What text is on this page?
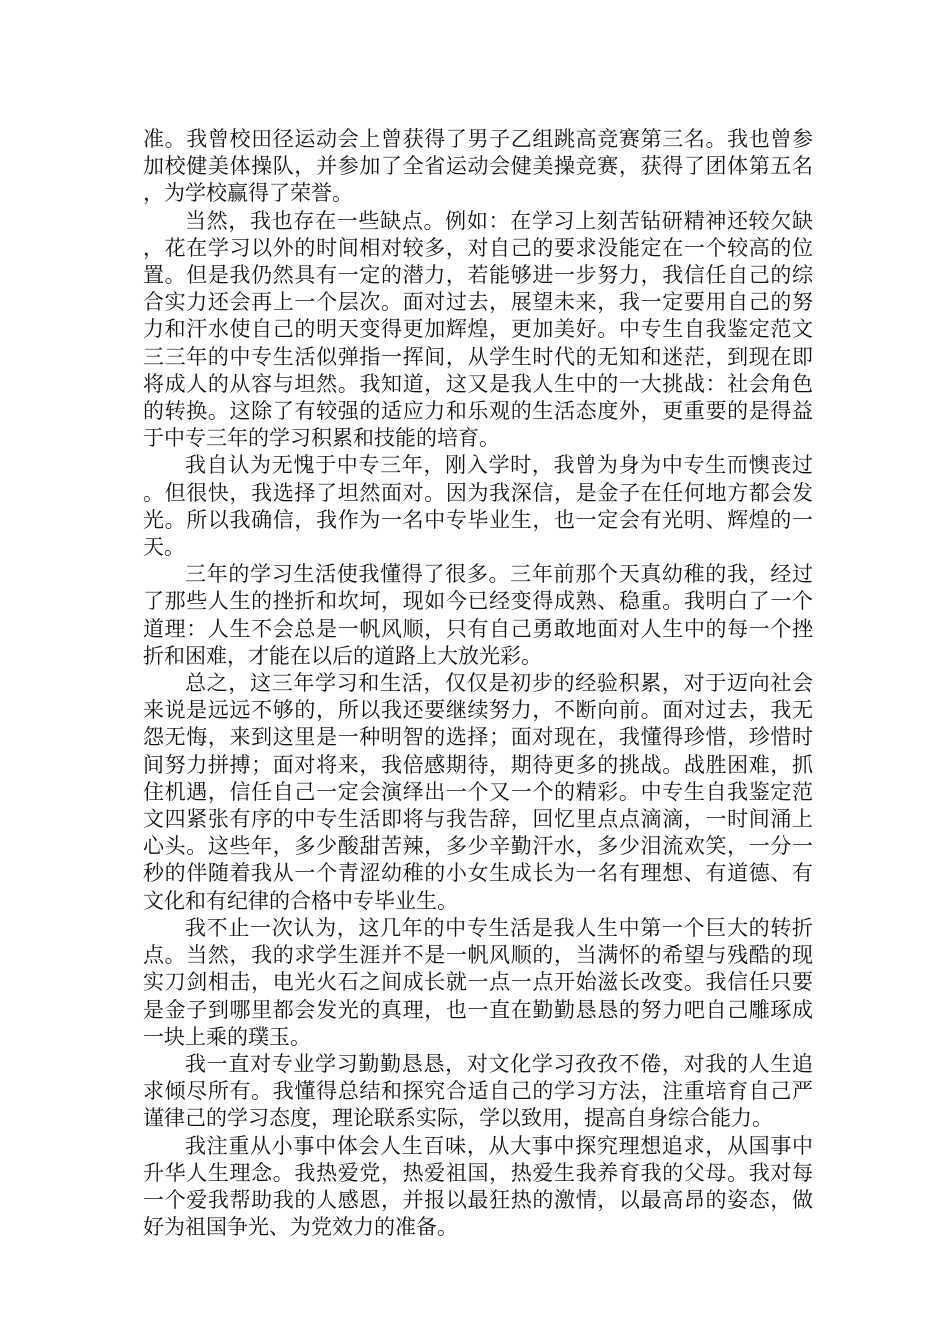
准。我曾校田径运动会上曾获得了男子乙组跳高竞赛第三名。我也曾参加校健美体操队，并参加了全省运动会健美操竞赛，获得了团体第五名，为学校赢得了荣誉。

当然，我也存在一些缺点。例如：在学习上刻苦钻研精神还较欠缺，花在学习以外的时间相对较多，对自己的要求没能定在一个较高的位置。但是我仍然具有一定的潜力，若能够进一步努力，我信任自己的综合实力还会再上一个层次。面对过去，展望未来，我一定要用自己的努力和汗水使自己的明天变得更加辉煌，更加美好。中专生自我鉴定范文三三年的中专生活似弹指一挥间，从学生时代的无知和迷茫，到现在即将成人的从容与坦然。我知道，这又是我人生中的一大挑战：社会角色的转换。这除了有较强的适应力和乐观的生活态度外，更重要的是得益于中专三年的学习积累和技能的培育。

我自认为无愧于中专三年，刚入学时，我曾为身为中专生而懊丧过。但很快，我选择了坦然面对。因为我深信，是金子在任何地方都会发光。所以我确信，我作为一名中专毕业生，也一定会有光明、辉煌的一天。

三年的学习生活使我懂得了很多。三年前那个天真幼稚的我，经过了那些人生的挫折和坎坷，现如今已经变得成熟、稳重。我明白了一个道理：人生不会总是一帆风顺，只有自己勇敢地面对人生中的每一个挫折和困难，才能在以后的道路上大放光彩。

总之，这三年学习和生活，仅仅是初步的经验积累，对于迈向社会来说是远远不够的，所以我还要继续努力，不断向前。面对过去，我无怨无悔，来到这里是一种明智的选择；面对现在，我懂得珍惜，珍惜时间努力拼搏；面对将来，我倍感期待，期待更多的挑战。战胜困难，抓住机遇，信任自己一定会演绎出一个又一个的精彩。中专生自我鉴定范文四紧张有序的中专生活即将与我告辞，回忆里点点滴滴，一时间涌上心头。这些年，多少酸甜苦辣，多少辛勤汗水，多少泪流欢笑，一分一秒的伴随着我从一个青涩幼稚的小女生成长为一名有理想、有道德、有文化和有纪律的合格中专毕业生。

我不止一次认为，这几年的中专生活是我人生中第一个巨大的转折点。当然，我的求学生涯并不是一帆风顺的，当满怀的希望与残酷的现实刀剑相击，电光火石之间成长就一点一点开始滋长改变。我信任只要是金子到哪里都会发光的真理，也一直在勤勤恳恳的努力吧自己雕琢成一块上乘的璞玉。

我一直对专业学习勤勤恳恳，对文化学习孜孜不倦，对我的人生追求倾尽所有。我懂得总结和探究合适自己的学习方法，注重培育自己严谨律己的学习态度，理论联系实际，学以致用，提高自身综合能力。

我注重从小事中体会人生百味，从大事中探究理想追求，从国事中升华人生理念。我热爱党，热爱祖国，热爱生我养育我的父母。我对每一个爱我帮助我的人感恩，并报以最狂热的激情，以最高昂的姿态，做好为祖国争光、为党效力的准备。
